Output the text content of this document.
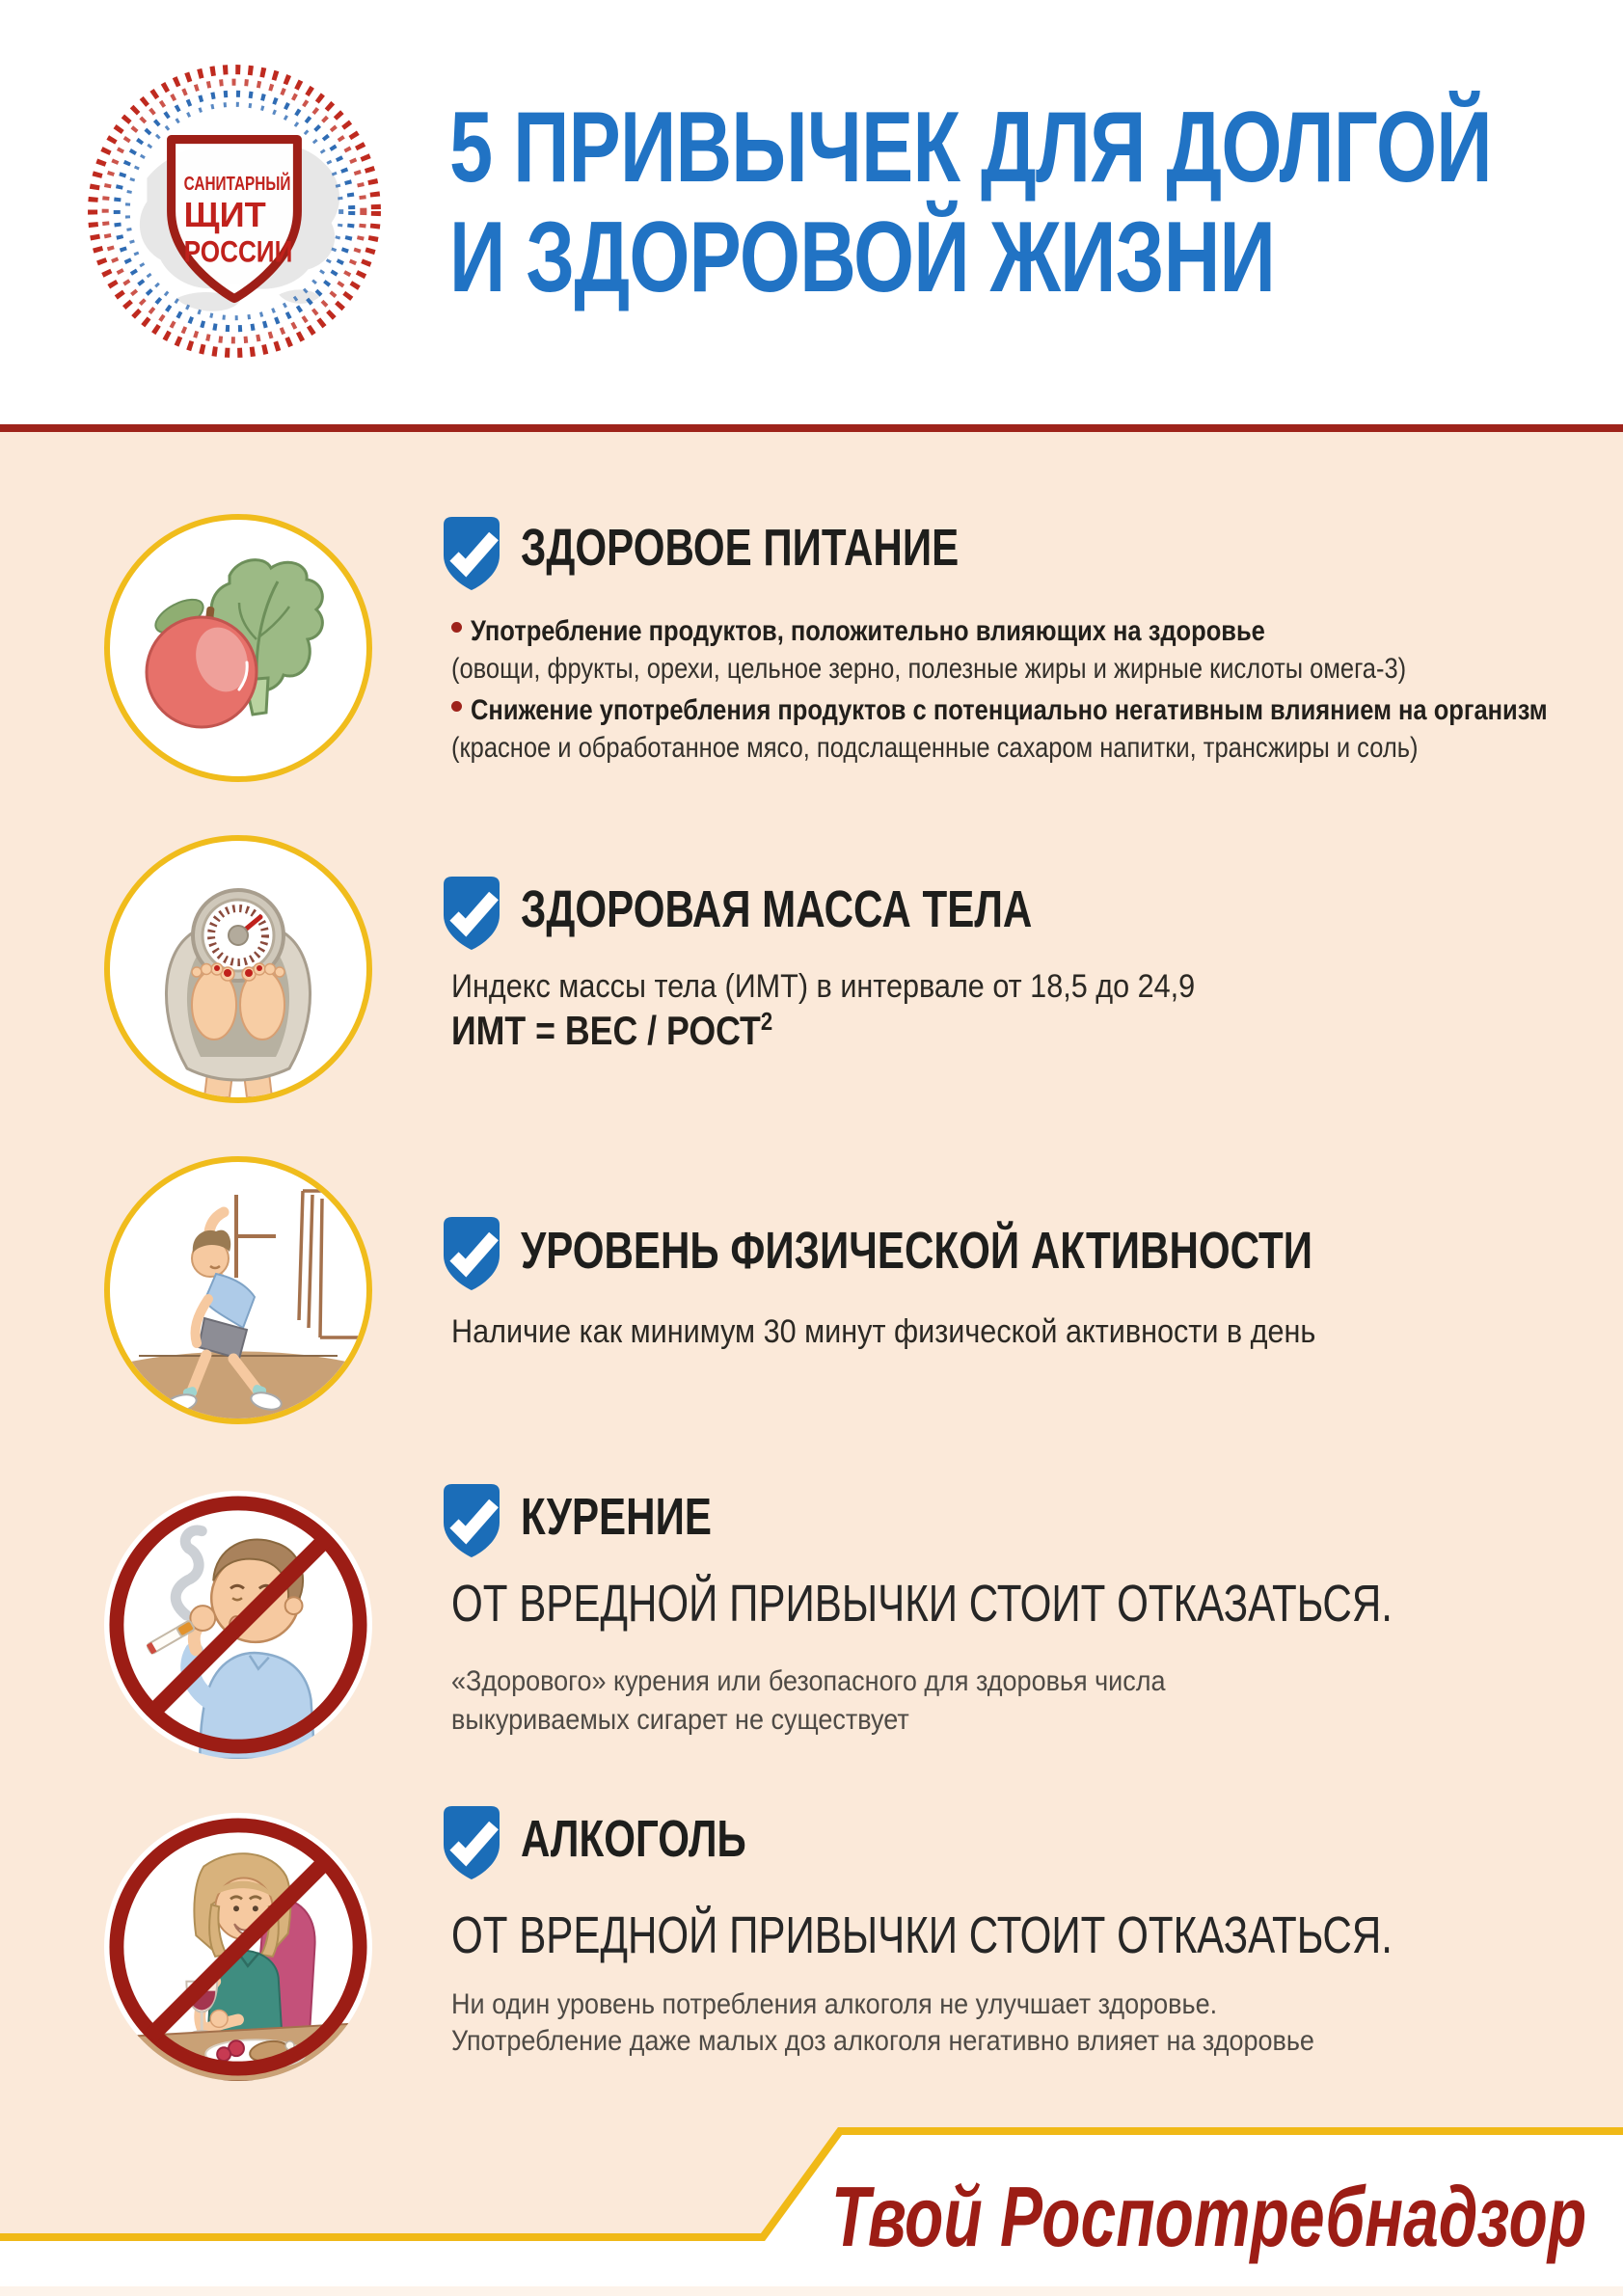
САНИТАРНЫЙ
ЩИТ
РОССИИ
5 ПРИВЫЧЕК ДЛЯ ДОЛГОЙ
И ЗДОРОВОЙ ЖИЗНИ
ЗДОРОВОЕ ПИТАНИЕ
Употребление продуктов, положительно влияющих на здоровье
(овощи, фрукты, орехи, цельное зерно, полезные жиры и жирные кислоты омега-3)
Снижение употребления продуктов с потенциально негативным влиянием на организм
(красное и обработанное мясо, подслащенные сахаром напитки, трансжиры и соль)
ЗДОРОВАЯ МАССА ТЕЛА
Индекс массы тела (ИМТ) в интервале от 18,5 до 24,9
ИМТ = ВЕС / РОСТ$^2$
УРОВЕНЬ ФИЗИЧЕСКОЙ АКТИВНОСТИ
Наличие как минимум 30 минут физической активности в день
КУРЕНИЕ
ОТ ВРЕДНОЙ ПРИВЫЧКИ СТОИТ ОТКАЗАТЬСЯ.
«Здорового» курения или безопасного для здоровья числа
выкуриваемых сигарет не существует
АЛКОГОЛЬ
ОТ ВРЕДНОЙ ПРИВЫЧКИ СТОИТ ОТКАЗАТЬСЯ.
Ни один уровень потребления алкоголя не улучшает здоровье.
Употребление даже малых доз алкоголя негативно влияет на здоровье
Твой Роспотребнадзор
